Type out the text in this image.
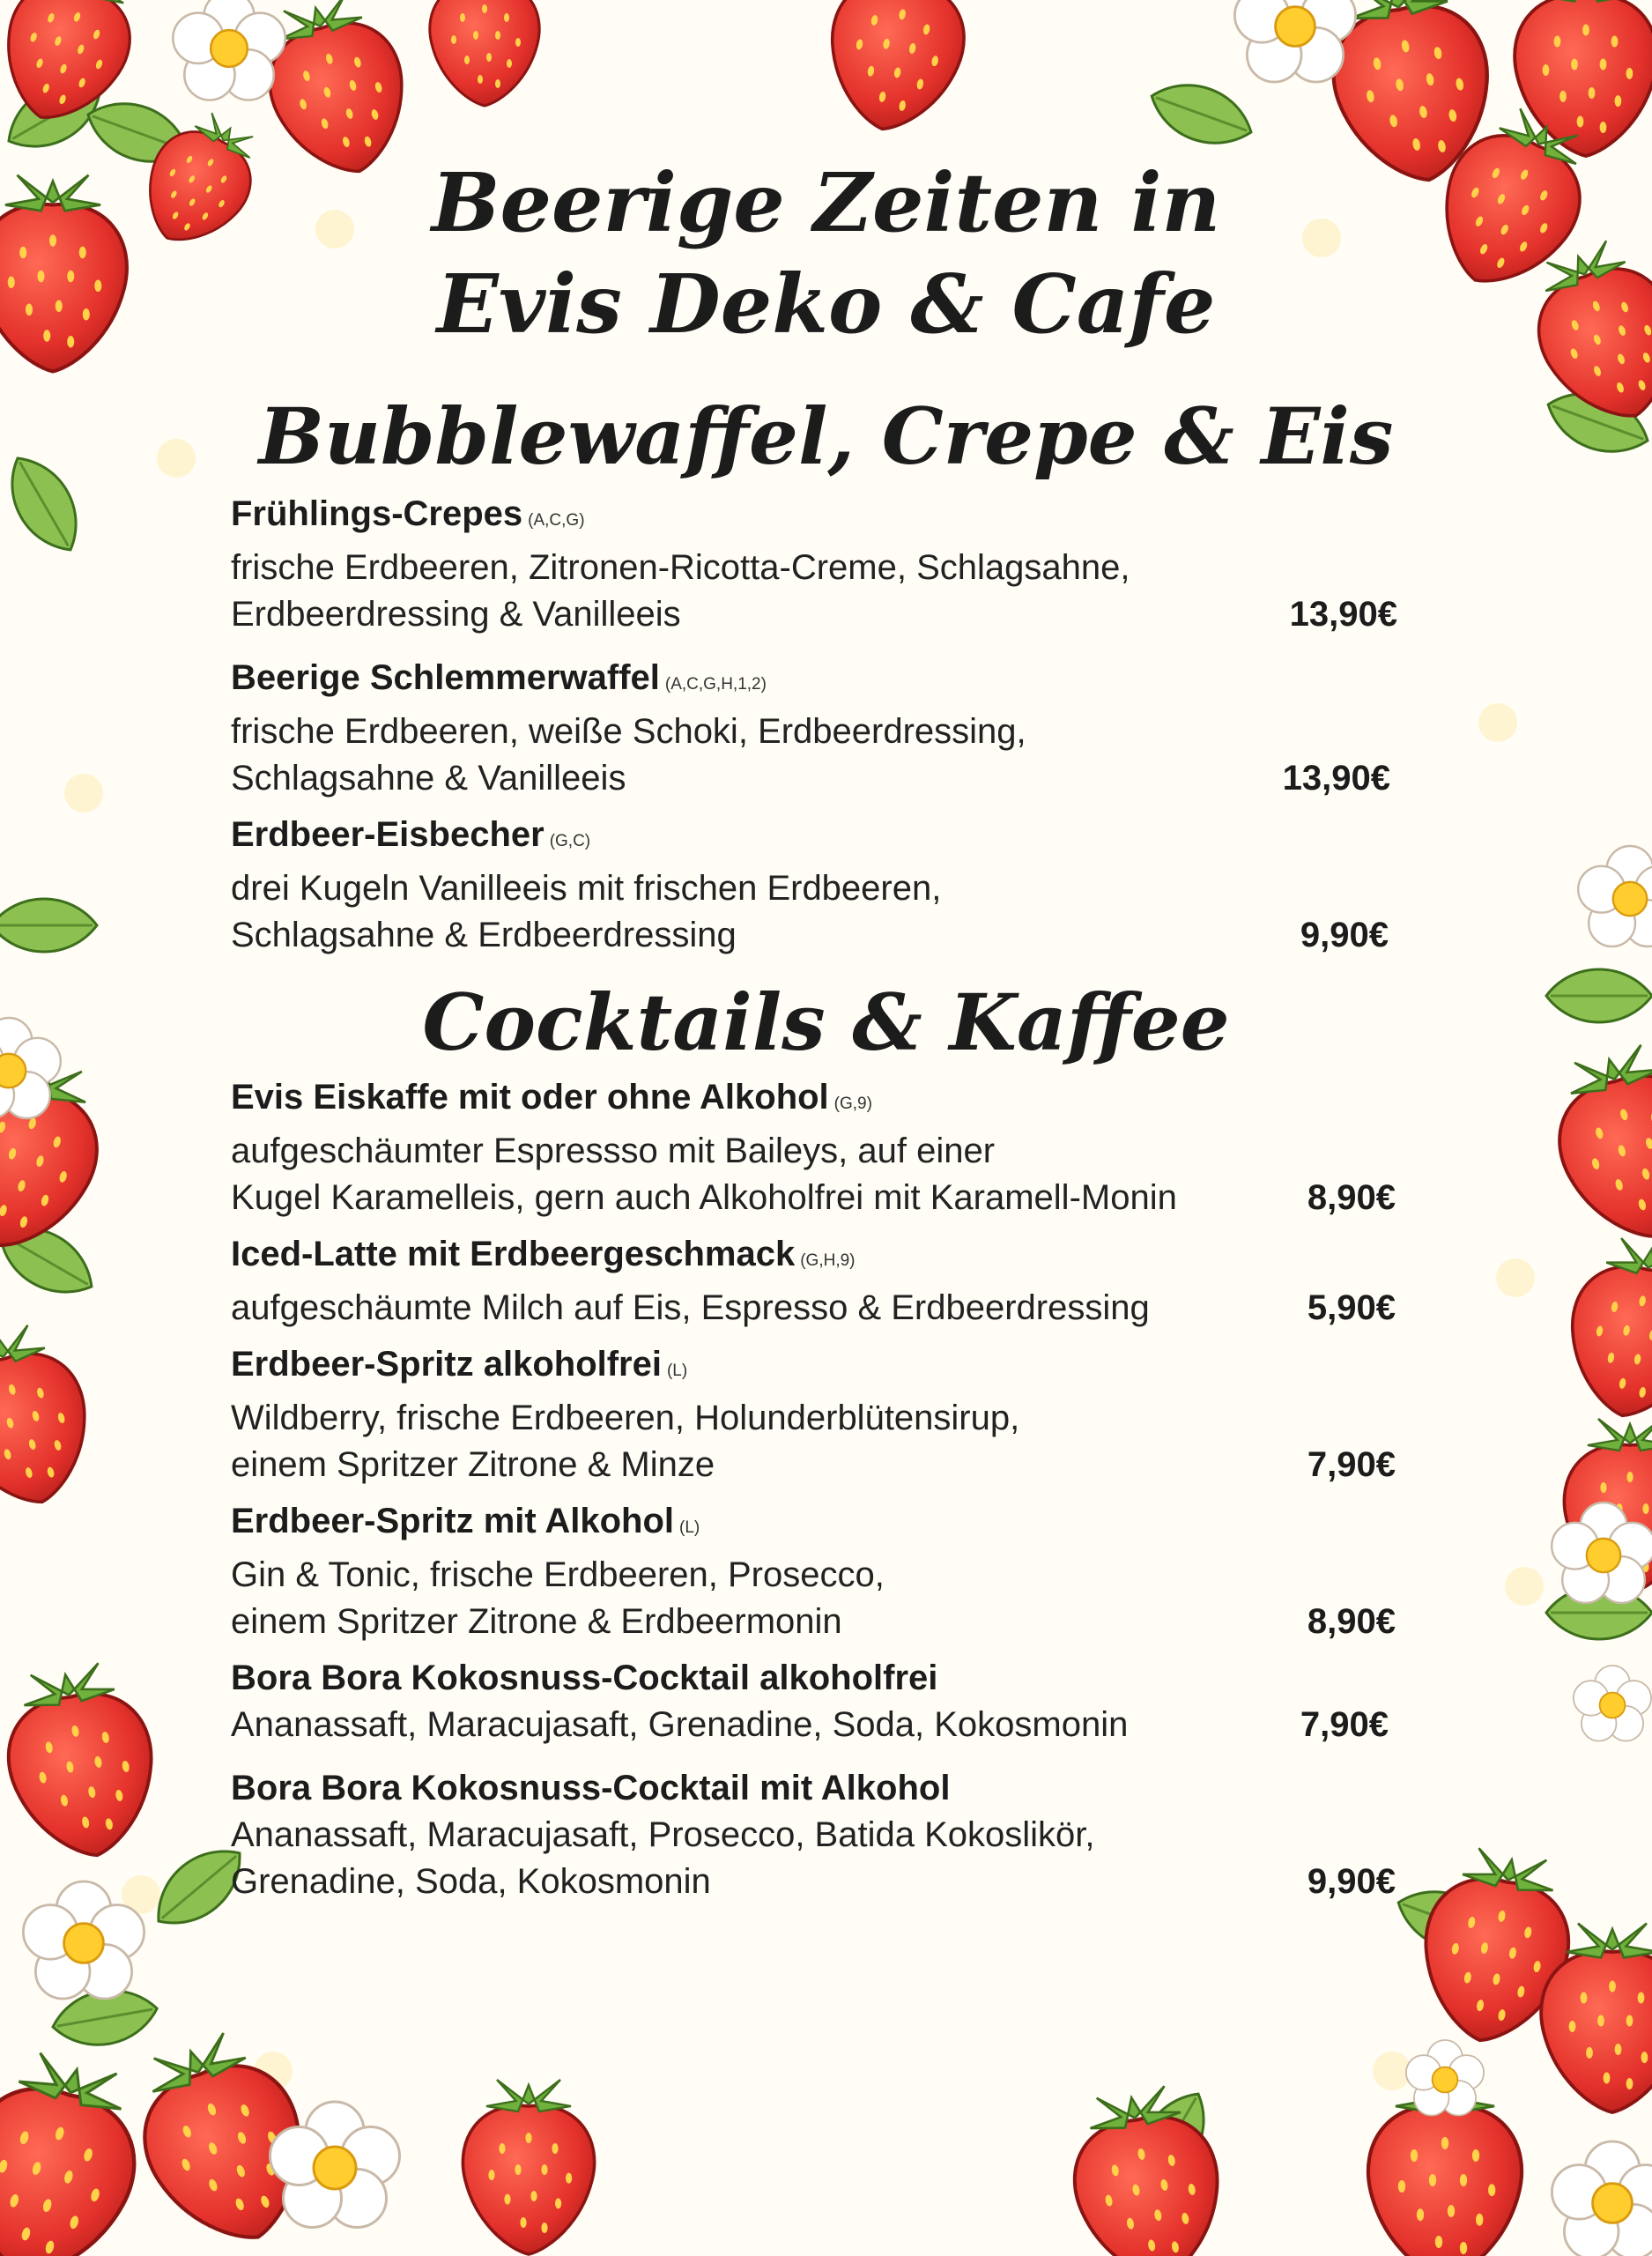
Beerige Zeiten in
Evis Deko & Cafe
Bubblewaffel, Crepe & Eis
Cocktails & Kaffee
Frühlings-Crepes (A,C,G)
frische Erdbeeren, Zitronen-Ricotta-Creme, Schlagsahne,
Erdbeerdressing & Vanilleeis	13,90€
Beerige Schlemmerwaffel (A,C,G,H,1,2)
frische Erdbeeren, weiße Schoki, Erdbeerdressing,
Schlagsahne & Vanilleeis	13,90€
Erdbeer-Eisbecher (G,C)
drei Kugeln Vanilleeis mit frischen Erdbeeren,
Schlagsahne & Erdbeerdressing	9,90€
Evis Eiskaffe mit oder ohne Alkohol (G,9)
aufgeschäumter Espressso mit Baileys, auf einer
Kugel Karamelleis, gern auch Alkoholfrei mit Karamell-Monin	8,90€
Iced-Latte mit Erdbeergeschmack (G,H,9)
aufgeschäumte Milch auf Eis, Espresso & Erdbeerdressing	5,90€
Erdbeer-Spritz alkoholfrei (L)
Wildberry, frische Erdbeeren, Holunderblütensirup,
einem Spritzer Zitrone & Minze	7,90€
Erdbeer-Spritz mit Alkohol (L)
Gin & Tonic, frische Erdbeeren, Prosecco,
einem Spritzer Zitrone & Erdbeermonin	8,90€
Bora Bora Kokosnuss-Cocktail alkoholfrei
Ananassaft, Maracujasaft, Grenadine, Soda, Kokosmonin	7,90€
Bora Bora Kokosnuss-Cocktail mit Alkohol
Ananassaft, Maracujasaft, Prosecco, Batida Kokoslikör,
Grenadine, Soda, Kokosmonin	9,90€
